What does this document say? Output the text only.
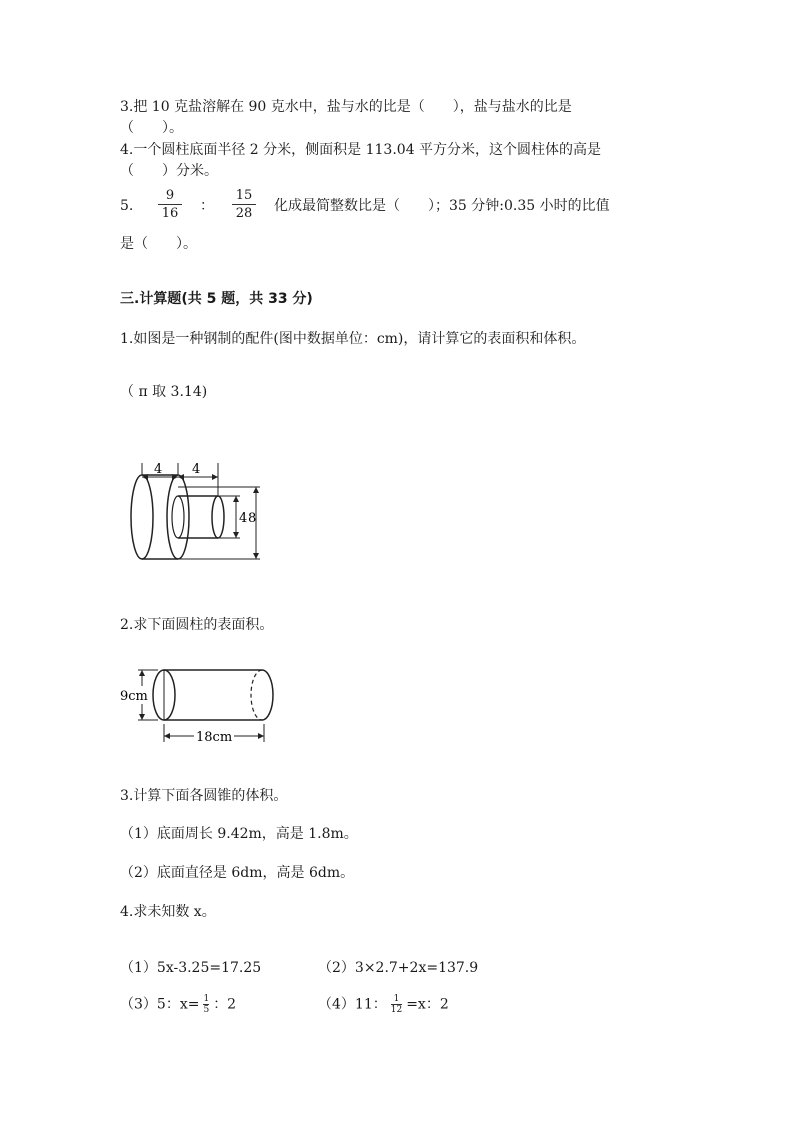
3.把 10 克盐溶解在 90 克水中，盐与水的比是（　　），盐与盐水的比是
（　　）。
4.一个圆柱底面半径 2 分米，侧面积是 113.04 平方分米，这个圆柱体的高是
（　　）分米。
5.
9
16 ：
15
28 化成最简整数比是（　　）；35 分钟:0.35 小时的比值
是（　　）。
三.计算题(共 5 题，共 33 分)
1.如图是一种钢制的配件(图中数据单位：cm)，请计算它的表面积和体积。
（ π 取 3.14)
4 4
4 8
2.求下面圆柱的表面积。
9cm
18cm
3.计算下面各圆锥的体积。
（1）底面周长 9.42m，高是 1.8m。
（2）底面直径是 6dm，高是 6dm。
4.求未知数 x。
（1）5x-3.25=17.25	（2）3×2.7+2x=137.9
（3）5：$x= \frac{1}{5}$ ：2	（4）11： $\frac{1}{12} =x$：2
